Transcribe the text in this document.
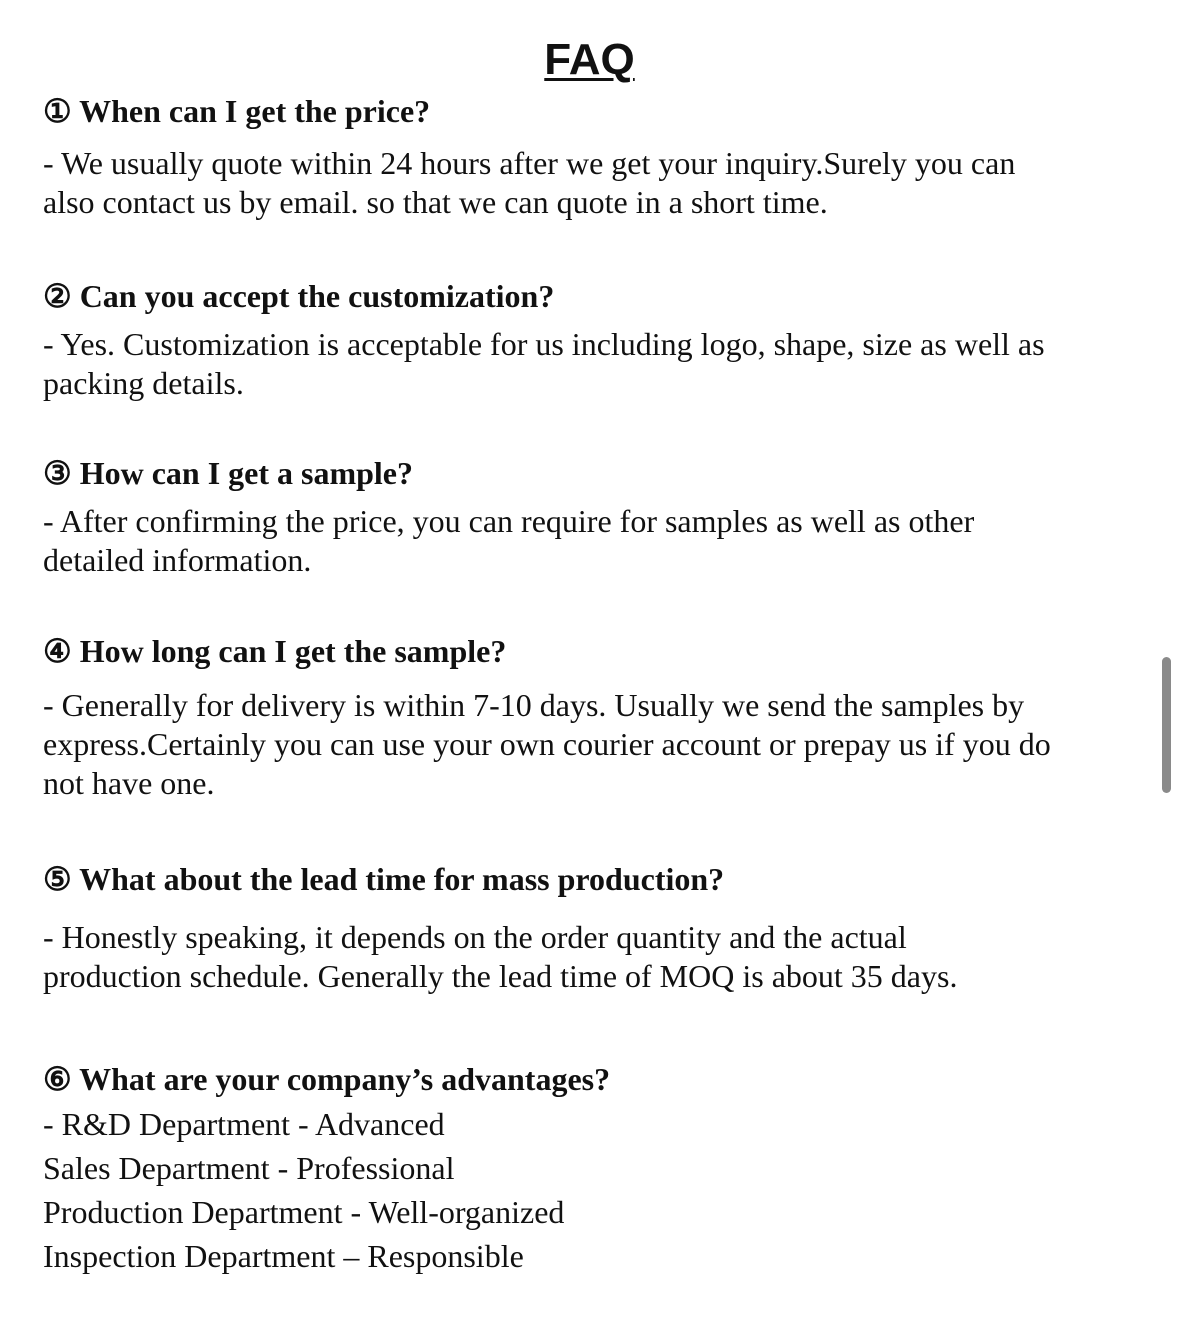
FAQ
① When can I get the price?
- We usually quote within 24 hours after we get your inquiry.Surely you can
also contact us by email. so that we can quote in a short time.
② Can you accept the customization?
- Yes. Customization is acceptable for us including logo, shape, size as well as
packing details.
③ How can I get a sample?
- After confirming the price, you can require for samples as well as other
detailed information.
④ How long can I get the sample?
- Generally for delivery is within 7-10 days. Usually we send the samples by
express.Certainly you can use your own courier account or prepay us if you do
not have one.
⑤ What about the lead time for mass production?
- Honestly speaking, it depends on the order quantity and the actual
production schedule. Generally the lead time of MOQ is about 35 days.
⑥ What are your company’s advantages?
- R&D Department - Advanced
Sales Department - Professional
Production Department - Well-organized
Inspection Department – Responsible
